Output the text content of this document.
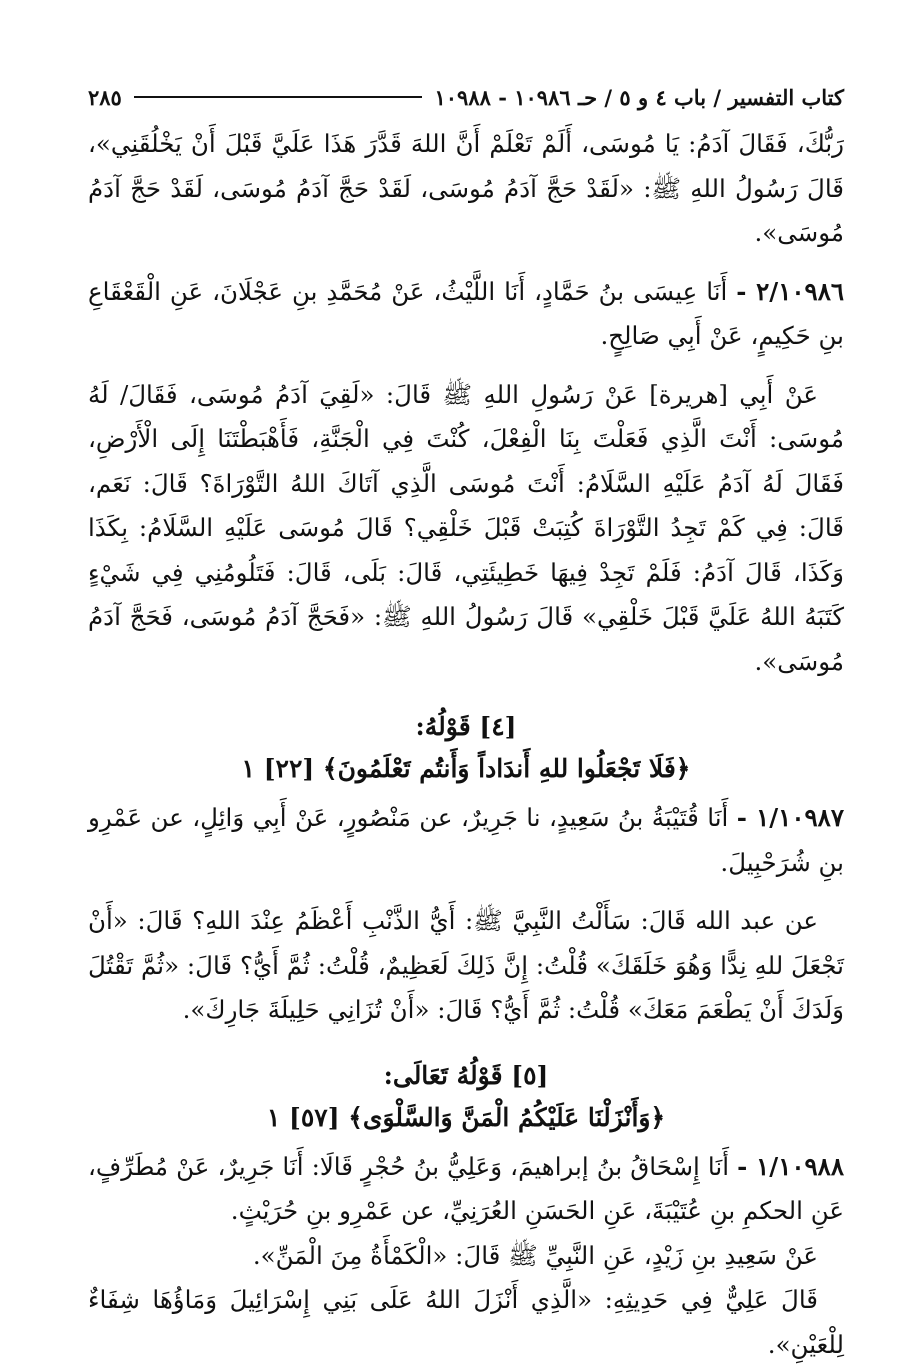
كتاب التفسير / باب ٤ و ٥ / حـ ١٠٩٨٦ - ١٠٩٨٨
٢٨٥

رَبُّكَ، فَقَالَ آدَمُ: يَا مُوسَى، أَلَمْ تَعْلَمْ أَنَّ اللهَ قَدَّرَ هَذَا عَلَيَّ قَبْلَ أَنْ يَخْلُقَنِي»، قَالَ رَسُولُ اللهِ ﷺ: «لَقَدْ حَجَّ آدَمُ مُوسَى، لَقَدْ حَجَّ آدَمُ مُوسَى، لَقَدْ حَجَّ آدَمُ مُوسَى».

٢/١٠٩٨٦ - أَنَا عِيسَى بنُ حَمَّادٍ، أَنَا اللَّيْثُ، عَنْ مُحَمَّدِ بنِ عَجْلَانَ، عَنِ الْقَعْقَاعِ بنِ حَكِيمٍ، عَنْ أَبِي صَالِحٍ.

عَنْ أَبِي [هريرة] عَنْ رَسُولِ اللهِ ﷺ قَالَ: «لَقِيَ آدَمُ مُوسَى، فَقَالَ/ لَهُ مُوسَى: أَنْتَ الَّذِي فَعَلْتَ بِنَا الْفِعْلَ، كُنْتَ فِي الْجَنَّةِ، فَأَهْبَطْتَنَا إِلَى الْأَرْضِ، فَقَالَ لَهُ آدَمُ عَلَيْهِ السَّلَامُ: أَنْتَ مُوسَى الَّذِي آتَاكَ اللهُ التَّوْرَاةَ؟ قَالَ: نَعَم، قَالَ: فِي كَمْ تَجِدُ التَّوْرَاةَ كُتِبَتْ قَبْلَ خَلْقِي؟ قَالَ مُوسَى عَلَيْهِ السَّلَامُ: بِكَذَا وَكَذَا، قَالَ آدَمُ: فَلَمْ تَجِدْ فِيهَا خَطِيئَتِي، قَالَ: بَلَى، قَالَ: فَتَلُومُنِي فِي شَيْءٍ كَتَبَهُ اللهُ عَلَيَّ قَبْلَ خَلْقِي» قَالَ رَسُولُ اللهِ ﷺ: «فَحَجَّ آدَمُ مُوسَى، فَحَجَّ آدَمُ مُوسَى».

[٤] قَوْلُهُ:

﴿فَلَا تَجْعَلُوا للهِ أَندَاداً وَأَنتُم تَعْلَمُونَ﴾ [٢٢] ١

١/١٠٩٨٧ - أَنَا قُتَيْبَةُ بنُ سَعِيدٍ، نا جَرِيرٌ، عن مَنْصُورٍ، عَنْ أَبِي وَائِلٍ، عن عَمْرِو بنِ شُرَحْبِيلَ.

عن عبد الله قَالَ: سَأَلْتُ النَّبِيَّ ﷺ: أَيُّ الذَّنْبِ أَعْظَمُ عِنْدَ اللهِ؟ قَالَ: «أَنْ تَجْعَلَ للهِ نِدًّا وَهُوَ خَلَقَكَ» قُلْتُ: إِنَّ ذَلِكَ لَعَظِيمٌ، قُلْتُ: ثُمَّ أَيُّ؟ قَالَ: «ثُمَّ تَقْتُلَ وَلَدَكَ أَنْ يَطْعَمَ مَعَكَ» قُلْتُ: ثُمَّ أَيُّ؟ قَالَ: «أَنْ تُزَانِي حَلِيلَةَ جَارِكَ».

[٥] قَوْلُهُ تَعَالَى:

﴿وَأَنْزَلْنَا عَلَيْكُمُ الْمَنَّ وَالسَّلْوَى﴾ [٥٧] ١

١/١٠٩٨٨ - أَنَا إِسْحَاقُ بنُ إبراهيمَ، وَعَلِيُّ بنُ حُجْرٍ قَالَا: أَنَا جَرِيرٌ، عَنْ مُطَرِّفٍ، عَنِ الحكمِ بنِ عُتَيْبَةَ، عَنِ الحَسَنِ العُرَنِيِّ، عن عَمْرِو بنِ حُرَيْثٍ.

عَنْ سَعِيدِ بنِ زَيْدٍ، عَنِ النَّبِيِّ ﷺ قَالَ: «الْكَمْأَةُ مِنَ الْمَنِّ».

قَالَ عَلِيٌّ فِي حَدِيثِهِ: «الَّذِي أَنْزَلَ اللهُ عَلَى بَنِي إِسْرَائِيلَ وَمَاؤُهَا شِفَاءٌ لِلْعَيْنِ».
